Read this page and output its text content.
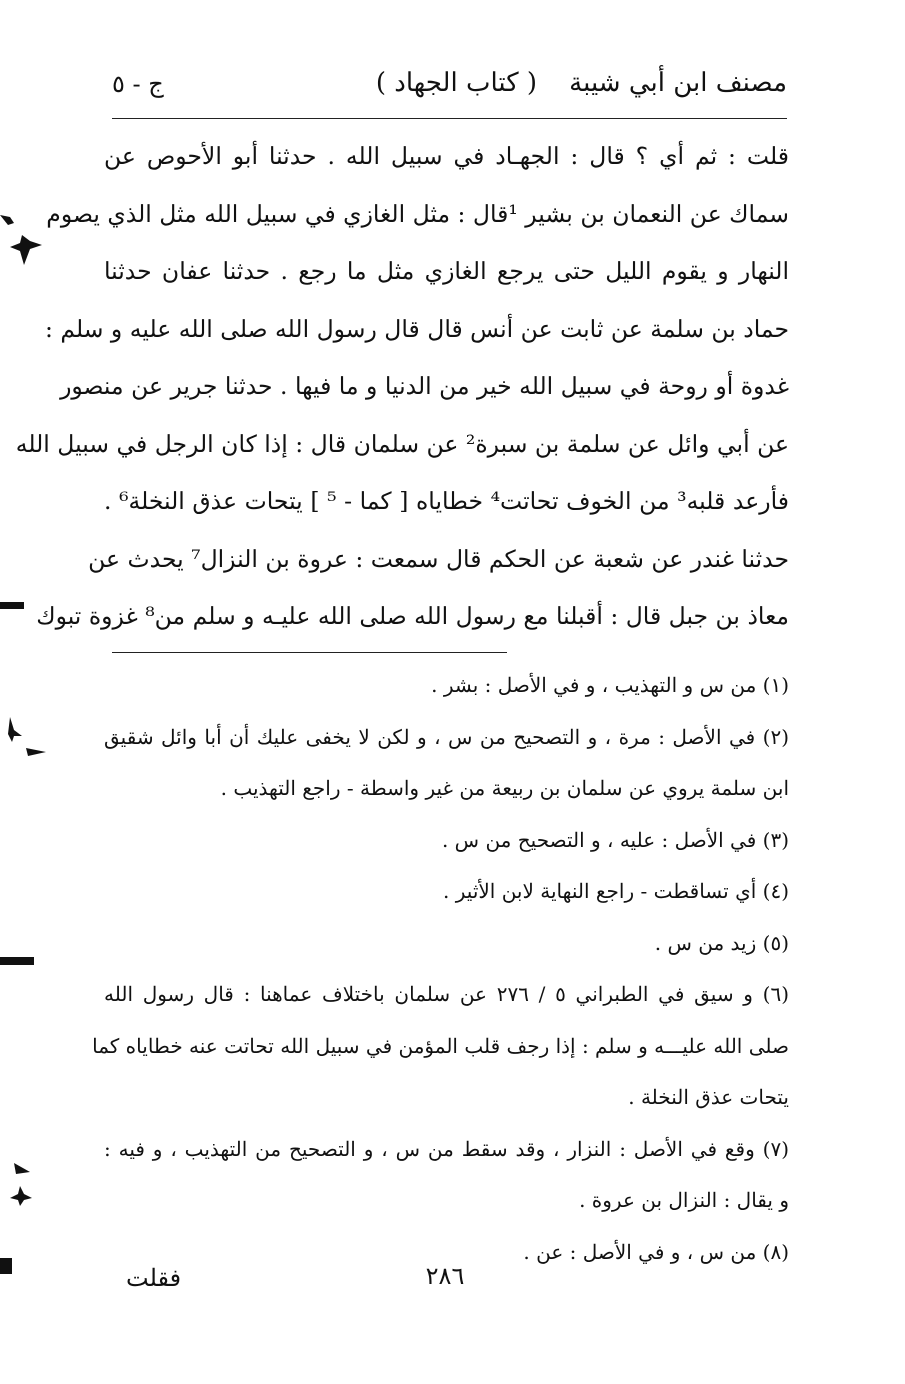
مصنف ابن أبي شيبة
( كتاب الجهاد )
ج - ٥
قلت : ثم أي ؟ قال : الجهـاد في سبيل الله . حدثنا أبو الأحوص عن
سماك عن النعمان بن بشير ¹قال : مثل الغازي في سبيل الله مثل الذي يصوم
النهار و يقوم الليل حتى يرجع الغازي مثل ما رجع . حدثنا عفان حدثنا
حماد بن سلمة عن ثابت عن أنس قال قال رسول الله صلى الله عليه و سلم :
غدوة أو روحة في سبيل الله خير من الدنيا و ما فيها . حدثنا جرير عن منصور
عن أبي وائل عن سلمة بن سبرة² عن سلمان قال : إذا كان الرجل في سبيل الله
فأرعد قلبه³ من الخوف تحاتت⁴ خطاياه [ كما - ⁵ ] يتحات عذق النخلة⁶ .
حدثنا غندر عن شعبة عن الحكم قال سمعت : عروة بن النزال⁷ يحدث عن
معاذ بن جبل قال : أقبلنا مع رسول الله صلى الله عليـه و سلم من⁸ غزوة تبوك
(١) من س و التهذيب ، و في الأصل : بشر .
(٢) في الأصل : مرة ، و التصحيح من س ، و لكن لا يخفى عليك أن أبا وائل شقيق
ابن سلمة يروي عن سلمان بن ربيعة من غير واسطة - راجع التهذيب .
(٣) في الأصل : عليه ، و التصحيح من س .
(٤) أي تساقطت - راجع النهاية لابن الأثير .
(٥) زيد من س .
(٦) و سيق في الطبراني ٥ / ٢٧٦ عن سلمان باختلاف عماهنا : قال رسول الله
صلى الله عليـــه و سلم : إذا رجف قلب المؤمن في سبيل الله تحاتت عنه خطاياه كما
يتحات عذق النخلة .
(٧) وقع في الأصل : النزار ، وقد سقط من س ، و التصحيح من التهذيب ، و فيه :
و يقال : النزال بن عروة .
(٨) من س ، و في الأصل : عن .
٢٨٦
فقلت
